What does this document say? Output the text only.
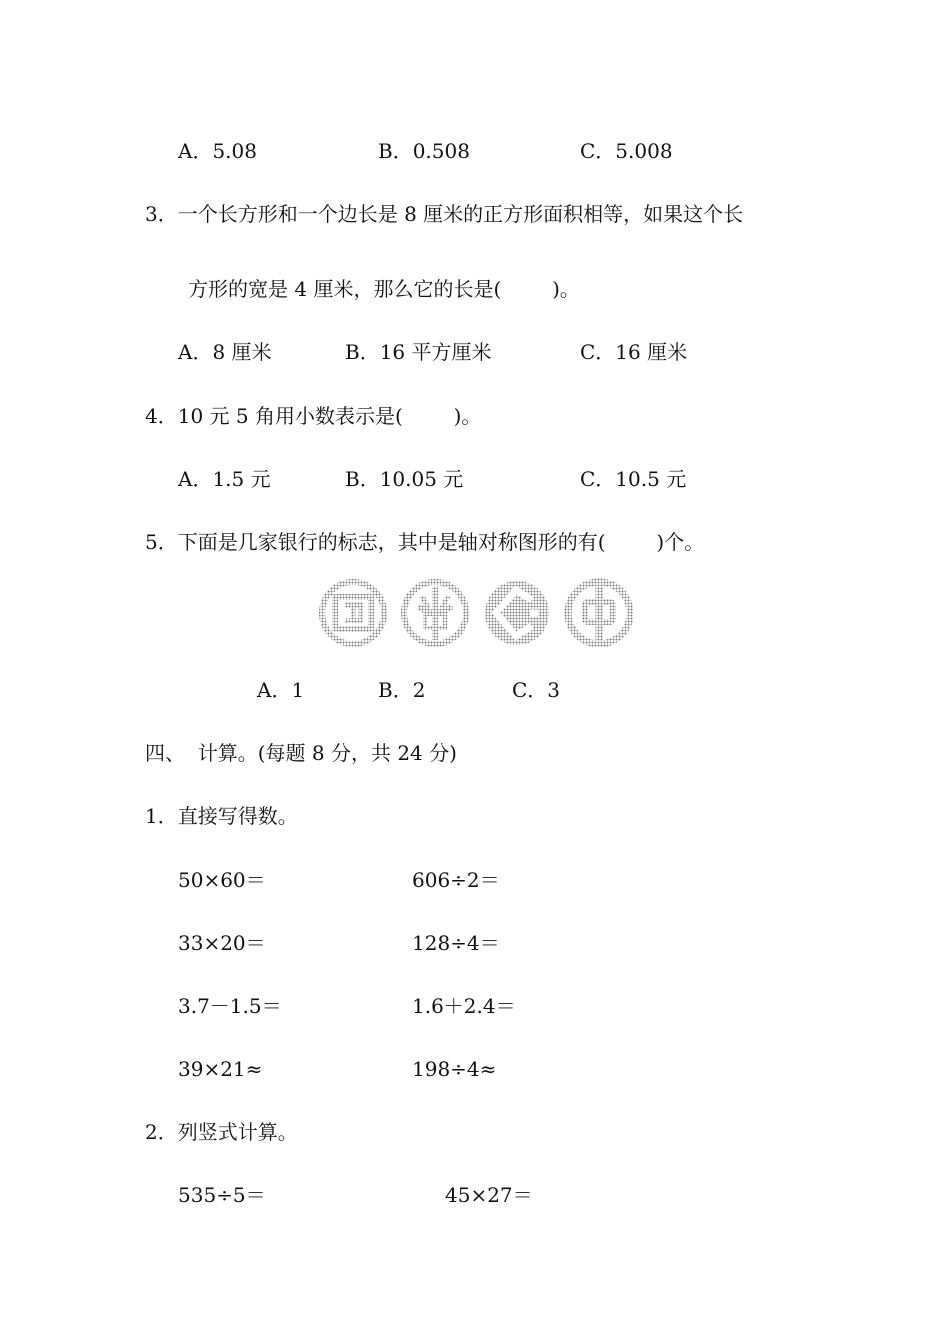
A．5.08	B．0.508	C．5.008
3．一个长方形和一个边长是 8 厘米的正方形面积相等，如果这个长
方形的宽是 4 厘米，那么它的长是(        )。
A．8 厘米	B．16 平方厘米	C．16 厘米
4．10 元 5 角用小数表示是(        )。
A．1.5 元	B．10.05 元	C．10.5 元
5．下面是几家银行的标志，其中是轴对称图形的有(        )个。
A．1	B．2	C．3
四、  计算。(每题 8 分，共 24 分)
1．直接写得数。
50×60＝	606÷2＝
33×20＝	128÷4＝
3.7－1.5＝	1.6＋2.4＝
39×21≈	198÷4≈
2．列竖式计算。
535÷5＝	45×27＝
